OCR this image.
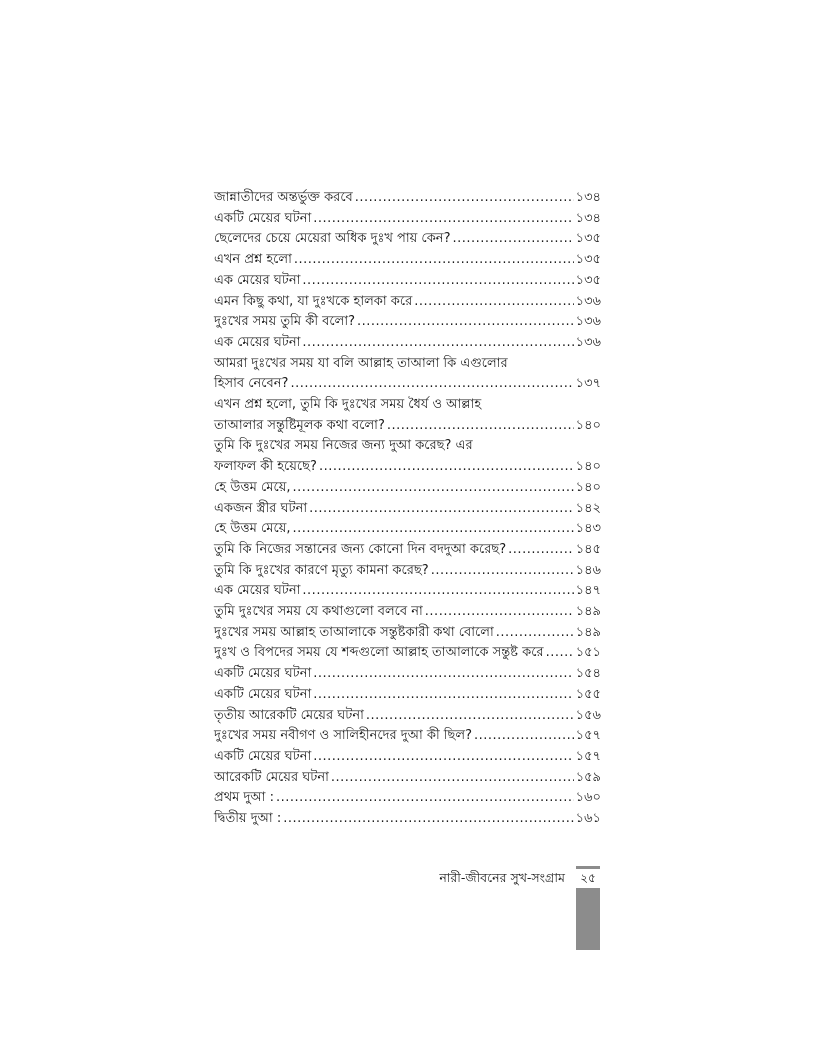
জান্নাতীদের অন্তর্ভুক্ত করবে .....	১৩৪
একটি মেয়ের ঘটনা .....	১৩৪
ছেলেদের চেয়ে মেয়েরা অধিক দুঃখ পায় কেন? .....	১৩৫
এখন প্রশ্ন হলো .....	১৩৫
এক মেয়ের ঘটনা .....	১৩৫
এমন কিছু কথা, যা দুঃখকে হালকা করে .....	১৩৬
দুঃখের সময় তুমি কী বলো? .....	১৩৬
এক মেয়ের ঘটনা .....	১৩৬
আমরা দুঃখের সময় যা বলি আল্লাহ তাআলা কি এগুলোর
হিসাব নেবেন? .....	১৩৭
এখন প্রশ্ন হলো, তুমি কি দুঃখের সময় ধৈর্য ও আল্লাহ
তাআলার সন্তুষ্টিমূলক কথা বলো? .....	১৪০
তুমি কি দুঃখের সময় নিজের জন্য দুআ করেছ? এর
ফলাফল কী হয়েছে? .....	১৪০
হে উত্তম মেয়ে, .....	১৪০
একজন স্ত্রীর ঘটনা .....	১৪২
হে উত্তম মেয়ে, .....	১৪৩
তুমি কি নিজের সন্তানের জন্য কোনো দিন বদদুআ করেছ? .....	১৪৫
তুমি কি দুঃখের কারণে মৃত্যু কামনা করেছ? .....	১৪৬
এক মেয়ের ঘটনা .....	১৪৭
তুমি দুঃখের সময় যে কথাগুলো বলবে না .....	১৪৯
দুঃখের সময় আল্লাহ তাআলাকে সন্তুষ্টকারী কথা বোলো .....	১৪৯
দুঃখ ও বিপদের সময় যে শব্দগুলো আল্লাহ তাআলাকে সন্তুষ্ট করে ..... ১৫১
একটি মেয়ের ঘটনা .....	১৫৪
একটি মেয়ের ঘটনা .....	১৫৫
তৃতীয় আরেকটি মেয়ের ঘটনা .....	১৫৬
দুঃখের সময় নবীগণ ও সালিহীনদের দুআ কী ছিল? .....	১৫৭
একটি মেয়ের ঘটনা .....	১৫৭
আরেকটি মেয়ের ঘটনা .....	১৫৯
প্রথম দুআ : .....	১৬০
দ্বিতীয় দুআ : .....	১৬১
নারী-জীবনের সুখ-সংগ্রাম	২৫
